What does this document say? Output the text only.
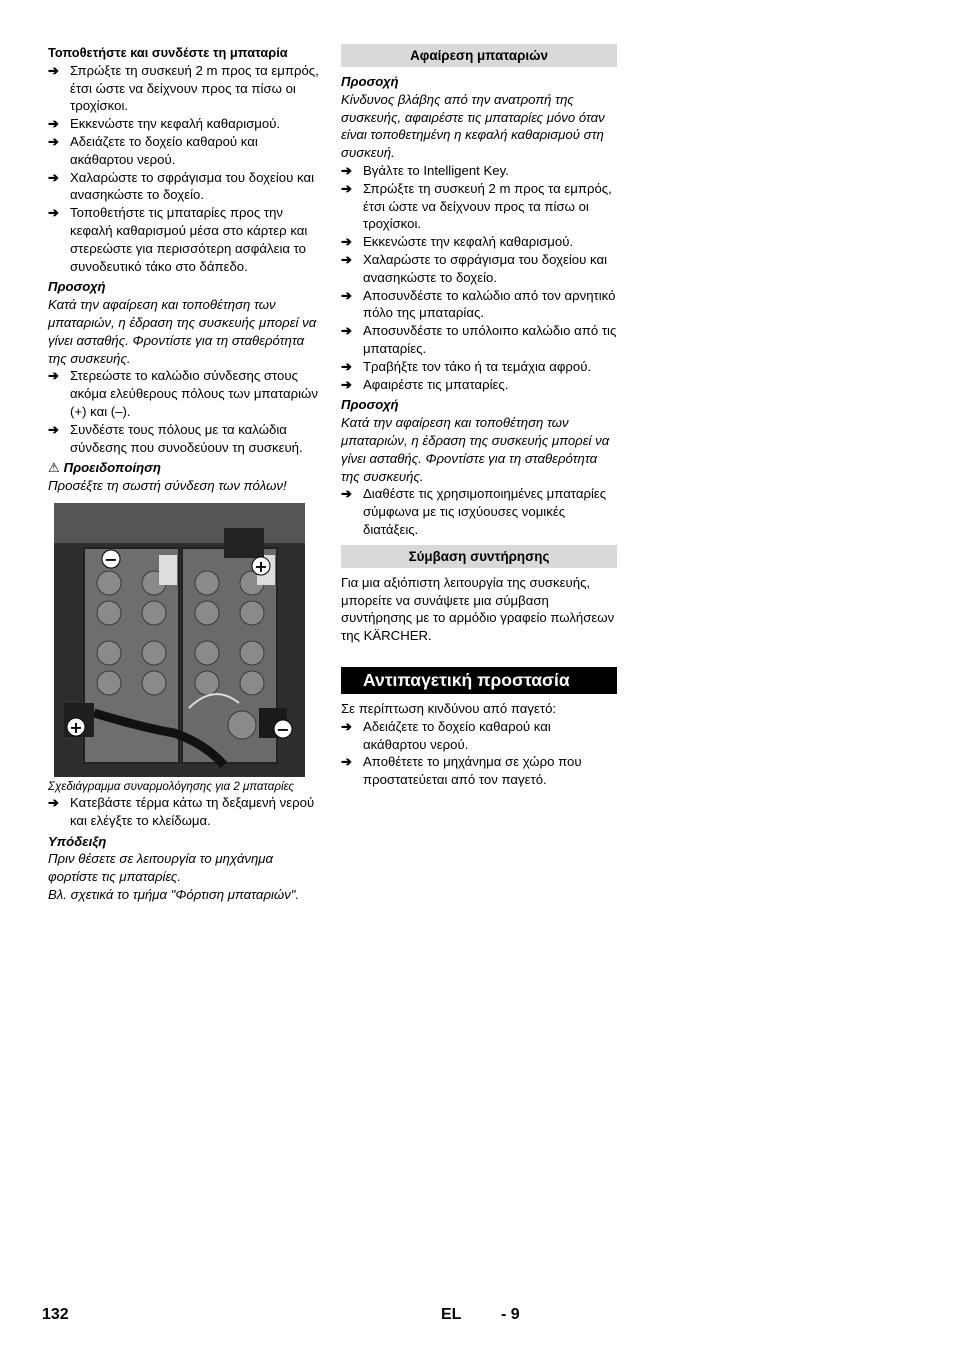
Τοποθετήστε και συνδέστε τη μπαταρία

➔ Σπρώξτε τη συσκευή 2 m προς τα εμπρός, έτσι ώστε να δείχνουν προς τα πίσω οι τροχίσκοι.
➔ Εκκενώστε την κεφαλή καθαρισμού.
➔ Αδειάζετε το δοχείο καθαρού και ακάθαρτου νερού.
➔ Χαλαρώστε το σφράγισμα του δοχείου και ανασηκώστε το δοχείο.
➔ Τοποθετήστε τις μπαταρίες προς την κεφαλή καθαρισμού μέσα στο κάρτερ και στερεώστε για περισσότερη ασφάλεια το συνοδευτικό τάκο στο δάπεδο.

Προσοχή

Κατά την αφαίρεση και τοποθέτηση των μπαταριών, η έδραση της συσκευής μπορεί να γίνει ασταθής. Φροντίστε για τη σταθερότητα της συσκευής.

➔ Στερεώστε το καλώδιο σύνδεσης στους ακόμα ελεύθερους πόλους των μπαταριών (+) και (–).
➔ Συνδέστε τους πόλους με τα καλώδια σύνδεσης που συνοδεύουν τη συσκευή.

⚠ Προειδοποίηση

Προσέξτε τη σωστή σύνδεση των πόλων!

−	+
+	−

Σχεδιάγραμμα συναρμολόγησης για 2 μπαταρίες

➔ Κατεβάστε τέρμα κάτω τη δεξαμενή νερού και ελέγξτε το κλείδωμα.

Υπόδειξη

Πριν θέσετε σε λειτουργία το μηχάνημα φορτίστε τις μπαταρίες.

Βλ. σχετικά το τμήμα "Φόρτιση μπαταριών".

Αφαίρεση μπαταριών

Προσοχή

Κίνδυνος βλάβης από την ανατροπή της συσκευής, αφαιρέστε τις μπαταρίες μόνο όταν είναι τοποθετημένη η κεφαλή καθαρισμού στη συσκευή.

➔ Βγάλτε το Intelligent Key.
➔ Σπρώξτε τη συσκευή 2 m προς τα εμπρός, έτσι ώστε να δείχνουν προς τα πίσω οι τροχίσκοι.
➔ Εκκενώστε την κεφαλή καθαρισμού.
➔ Χαλαρώστε το σφράγισμα του δοχείου και ανασηκώστε το δοχείο.
➔ Αποσυνδέστε το καλώδιο από τον αρνητικό πόλο της μπαταρίας.
➔ Αποσυνδέστε το υπόλοιπο καλώδιο από τις μπαταρίες.
➔ Τραβήξτε τον τάκο ή τα τεμάχια αφρού.
➔ Αφαιρέστε τις μπαταρίες.

Προσοχή

Κατά την αφαίρεση και τοποθέτηση των μπαταριών, η έδραση της συσκευής μπορεί να γίνει ασταθής. Φροντίστε για τη σταθερότητα της συσκευής.

➔ Διαθέστε τις χρησιμοποιημένες μπαταρίες σύμφωνα με τις ισχύουσες νομικές διατάξεις.

Σύμβαση συντήρησης

Για μια αξιόπιστη λειτουργία της συσκευής, μπορείτε να συνάψετε μια σύμβαση συντήρησης με το αρμόδιο γραφείο πωλήσεων της KÄRCHER.

Αντιπαγετική προστασία

Σε περίπτωση κινδύνου από παγετό:

➔ Αδειάζετε το δοχείο καθαρού και ακάθαρτου νερού.
➔ Αποθέτετε το μηχάνημα σε χώρο που προστατεύεται από τον παγετό.
132	EL - 9
